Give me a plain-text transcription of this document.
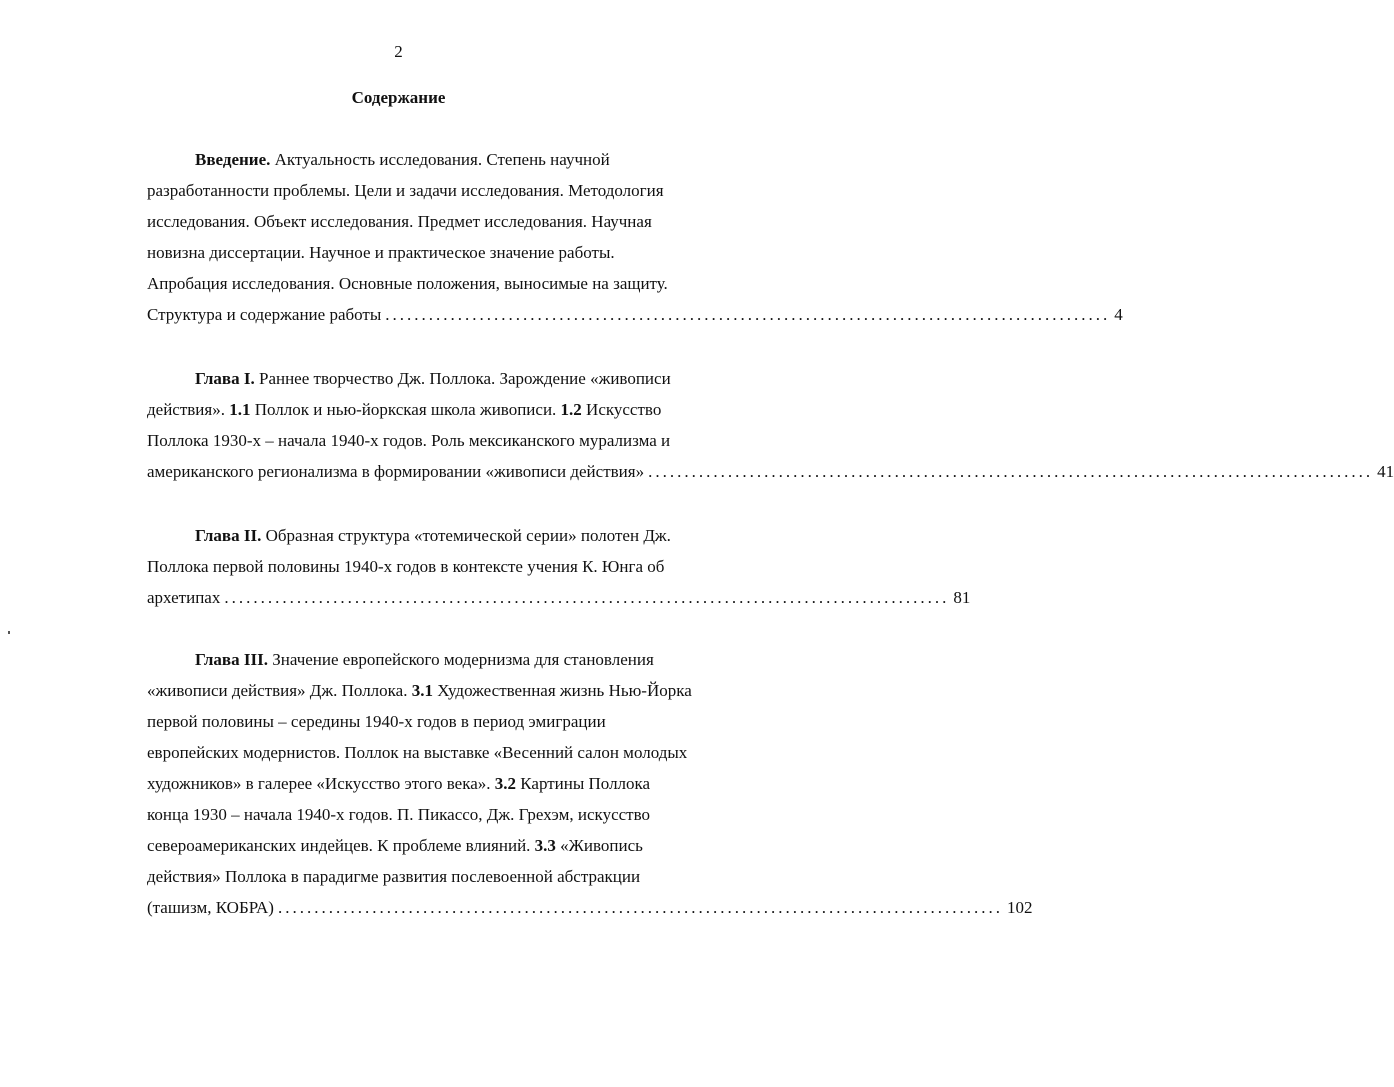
2
Содержание
Введение. Актуальность исследования. Степень научной
разработанности проблемы. Цели и задачи исследования. Методология
исследования. Объект исследования. Предмет исследования. Научная
новизна диссертации. Научное и практическое значение работы.
Апробация исследования. Основные положения, выносимые на защиту.
Структура и содержание работы .................................................................................................... 4
Глава I. Раннее творчество Дж. Поллока. Зарождение «живописи
действия». 1.1 Поллок и нью-йоркская школа живописи. 1.2 Искусство
Поллока 1930-х – начала 1940-х годов. Роль мексиканского мурализма и
американского регионализма в формировании «живописи действия» .................................................................................................... 41
Глава II. Образная структура «тотемической серии» полотен Дж.
Поллока первой половины 1940-х годов в контексте учения К. Юнга об
архетипах .................................................................................................... 81
Глава III. Значение европейского модернизма для становления
«живописи действия» Дж. Поллока. 3.1 Художественная жизнь Нью-Йорка
первой половины – середины 1940-х годов в период эмиграции
европейских модернистов. Поллок на выставке «Весенний салон молодых
художников» в галерее «Искусство этого века». 3.2 Картины Поллока
конца 1930 – начала 1940-х годов. П. Пикассо, Дж. Грехэм, искусство
североамериканских индейцев. К проблеме влияний. 3.3 «Живопись
действия» Поллока в парадигме развития послевоенной абстракции
(ташизм, КОБРА) .................................................................................................... 102
